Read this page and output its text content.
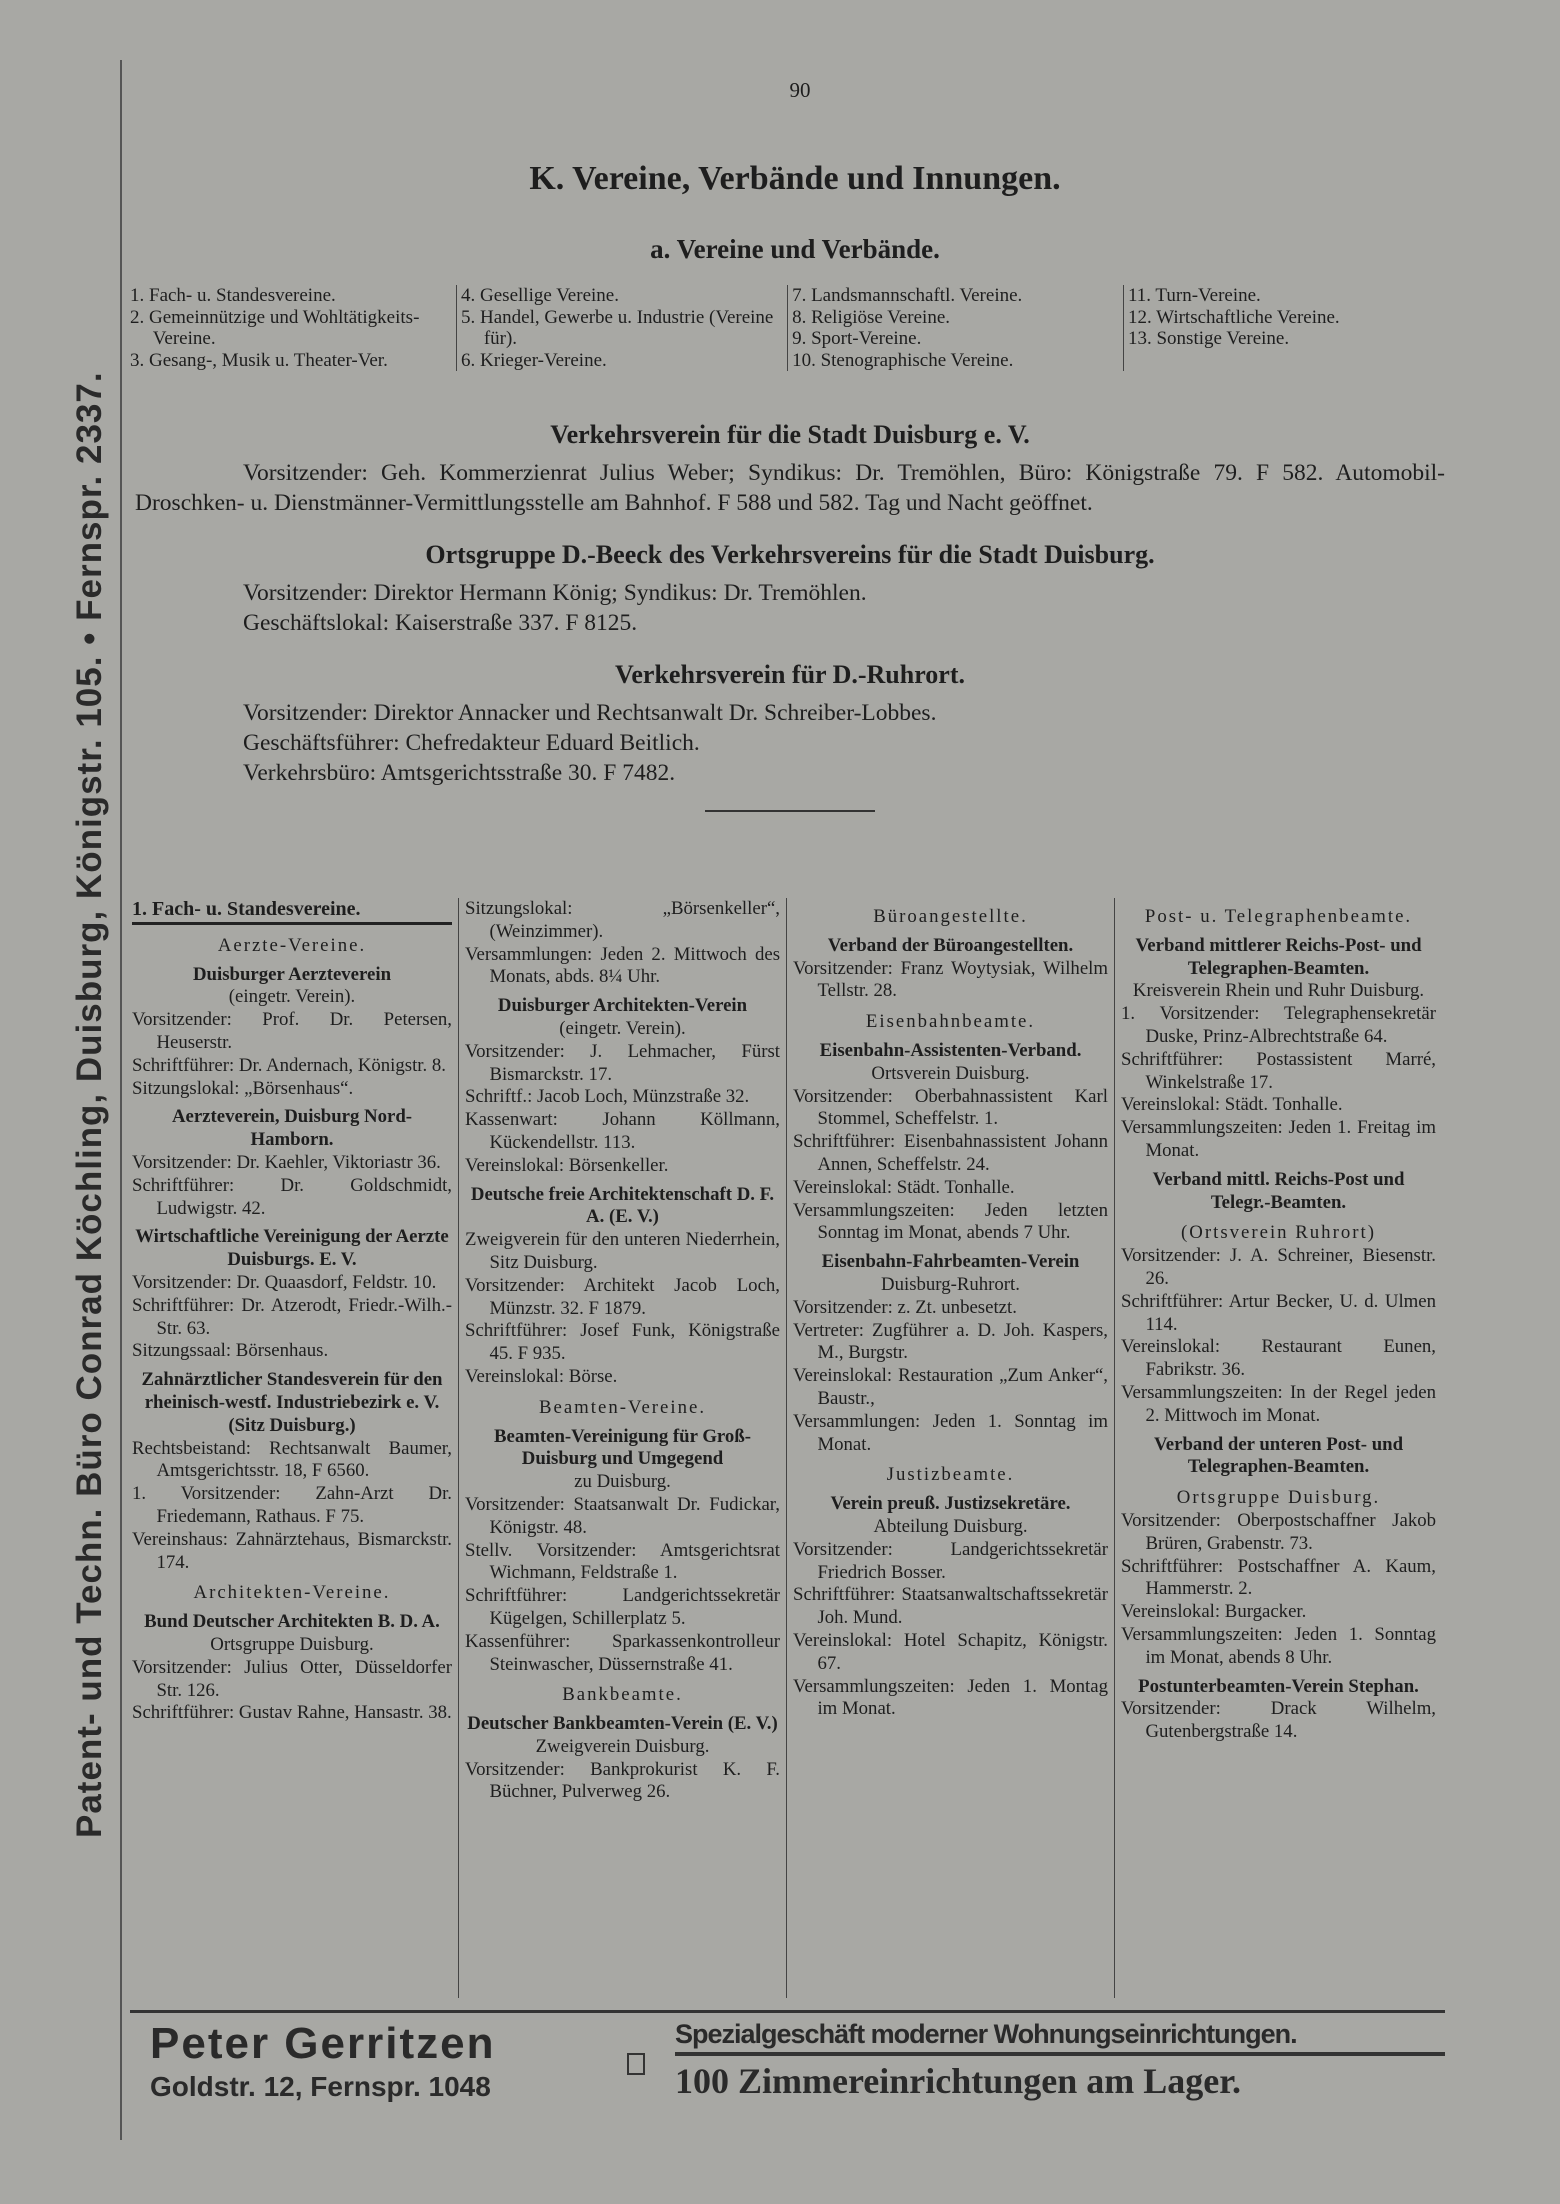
Patent- und Techn. Büro Conrad Köchling, Duisburg, Königstr. 105. • Fernspr. 2337.
90
K. Vereine, Verbände und Innungen.
a. Vereine und Verbände.
1. Fach- u. Standesvereine.
2. Gemeinnützige und Wohltätigkeits-Vereine.
3. Gesang-, Musik u. Theater-Ver.
4. Gesellige Vereine.
5. Handel, Gewerbe u. Industrie (Vereine für).
6. Krieger-Vereine.
7. Landsmannschaftl. Vereine.
8. Religiöse Vereine.
9. Sport-Vereine.
10. Stenographische Vereine.
11. Turn-Vereine.
12. Wirtschaftliche Vereine.
13. Sonstige Vereine.
Verkehrsverein für die Stadt Duisburg e. V.

Vorsitzender: Geh. Kommerzienrat Julius Weber; Syndikus: Dr. Tremöhlen, Büro: Königstraße 79. F 582. Automobil-Droschken- u. Dienstmänner-Vermittlungsstelle am Bahnhof. F 588 und 582. Tag und Nacht geöffnet.

Ortsgruppe D.-Beeck des Verkehrsvereins für die Stadt Duisburg.

Vorsitzender: Direktor Hermann König; Syndikus: Dr. Tremöhlen.

Geschäftslokal: Kaiserstraße 337. F 8125.

Verkehrsverein für D.-Ruhrort.

Vorsitzender: Direktor Annacker und Rechtsanwalt Dr. Schreiber-Lobbes.

Geschäftsführer: Chefredakteur Eduard Beitlich.

Verkehrsbüro: Amtsgerichtsstraße 30. F 7482.

1. Fach- u. Standesvereine.
Aerzte-Vereine.
Duisburger Aerzteverein
(eingetr. Verein).
Vorsitzender: Prof. Dr. Petersen, Heuserstr.
Schriftführer: Dr. Andernach, Königstr. 8.
Sitzungslokal: „Börsenhaus“.
Aerzteverein, Duisburg Nord-Hamborn.
Vorsitzender: Dr. Kaehler, Viktoriastr 36.
Schriftführer: Dr. Goldschmidt, Ludwigstr. 42.
Wirtschaftliche Vereinigung der Aerzte Duisburgs. E. V.
Vorsitzender: Dr. Quaasdorf, Feldstr. 10.
Schriftführer: Dr. Atzerodt, Friedr.-Wilh.-Str. 63.
Sitzungssaal: Börsenhaus.
Zahnärztlicher Standesverein für den rheinisch-westf. Industriebezirk e. V. (Sitz Duisburg.)
Rechtsbeistand: Rechtsanwalt Baumer, Amtsgerichtsstr. 18, F 6560.
1. Vorsitzender: Zahn-Arzt Dr. Friedemann, Rathaus. F 75.
Vereinshaus: Zahnärztehaus, Bismarckstr. 174.
Architekten-Vereine.
Bund Deutscher Architekten B. D. A.
Ortsgruppe Duisburg.
Vorsitzender: Julius Otter, Düsseldorfer Str. 126.
Schriftführer: Gustav Rahne, Hansastr. 38.
Sitzungslokal: „Börsenkeller“, (Weinzimmer).
Versammlungen: Jeden 2. Mittwoch des Monats, abds. 8¼ Uhr.
Duisburger Architekten-Verein
(eingetr. Verein).
Vorsitzender: J. Lehmacher, Fürst Bismarckstr. 17.
Schriftf.: Jacob Loch, Münzstraße 32.
Kassenwart: Johann Köllmann, Kückendellstr. 113.
Vereinslokal: Börsenkeller.
Deutsche freie Architektenschaft D. F. A. (E. V.)
Zweigverein für den unteren Niederrhein, Sitz Duisburg.
Vorsitzender: Architekt Jacob Loch, Münzstr. 32. F 1879.
Schriftführer: Josef Funk, Königstraße 45. F 935.
Vereinslokal: Börse.
Beamten-Vereine.
Beamten-Vereinigung für Groß-Duisburg und Umgegend
zu Duisburg.
Vorsitzender: Staatsanwalt Dr. Fudickar, Königstr. 48.
Stellv. Vorsitzender: Amtsgerichtsrat Wichmann, Feldstraße 1.
Schriftführer: Landgerichtssekretär Kügelgen, Schillerplatz 5.
Kassenführer: Sparkassenkontrolleur Steinwascher, Düssernstraße 41.
Bankbeamte.
Deutscher Bankbeamten-Verein (E. V.)
Zweigverein Duisburg.
Vorsitzender: Bankprokurist K. F. Büchner, Pulverweg 26.
Büroangestellte.
Verband der Büroangestellten.
Vorsitzender: Franz Woytysiak, Wilhelm Tellstr. 28.
Eisenbahnbeamte.
Eisenbahn-Assistenten-Verband.
Ortsverein Duisburg.
Vorsitzender: Oberbahnassistent Karl Stommel, Scheffelstr. 1.
Schriftführer: Eisenbahnassistent Johann Annen, Scheffelstr. 24.
Vereinslokal: Städt. Tonhalle.
Versammlungszeiten: Jeden letzten Sonntag im Monat, abends 7 Uhr.
Eisenbahn-Fahrbeamten-Verein
Duisburg-Ruhrort.
Vorsitzender: z. Zt. unbesetzt.
Vertreter: Zugführer a. D. Joh. Kaspers, M., Burgstr.
Vereinslokal: Restauration „Zum Anker“, Baustr.,
Versammlungen: Jeden 1. Sonntag im Monat.
Justizbeamte.
Verein preuß. Justizsekretäre.
Abteilung Duisburg.
Vorsitzender: Landgerichtssekretär Friedrich Bosser.
Schriftführer: Staatsanwaltschaftssekretär Joh. Mund.
Vereinslokal: Hotel Schapitz, Königstr. 67.
Versammlungszeiten: Jeden 1. Montag im Monat.
Post- u. Telegraphenbeamte.
Verband mittlerer Reichs-Post- und Telegraphen-Beamten.
Kreisverein Rhein und Ruhr Duisburg.
1. Vorsitzender: Telegraphensekretär Duske, Prinz-Albrechtstraße 64.
Schriftführer: Postassistent Marré, Winkelstraße 17.
Vereinslokal: Städt. Tonhalle.
Versammlungszeiten: Jeden 1. Freitag im Monat.
Verband mittl. Reichs-Post und Telegr.-Beamten.
(Ortsverein Ruhrort)
Vorsitzender: J. A. Schreiner, Biesenstr. 26.
Schriftführer: Artur Becker, U. d. Ulmen 114.
Vereinslokal: Restaurant Eunen, Fabrikstr. 36.
Versammlungszeiten: In der Regel jeden 2. Mittwoch im Monat.
Verband der unteren Post- und Telegraphen-Beamten.
Ortsgruppe Duisburg.
Vorsitzender: Oberpostschaffner Jakob Brüren, Grabenstr. 73.
Schriftführer: Postschaffner A. Kaum, Hammerstr. 2.
Vereinslokal: Burgacker.
Versammlungszeiten: Jeden 1. Sonntag im Monat, abends 8 Uhr.
Postunterbeamten-Verein Stephan.
Vorsitzender: Drack Wilhelm, Gutenbergstraße 14.
Peter Gerritzen
Goldstr. 12, Fernspr. 1048
Spezialgeschäft moderner Wohnungseinrichtungen.
100 Zimmereinrichtungen am Lager.
